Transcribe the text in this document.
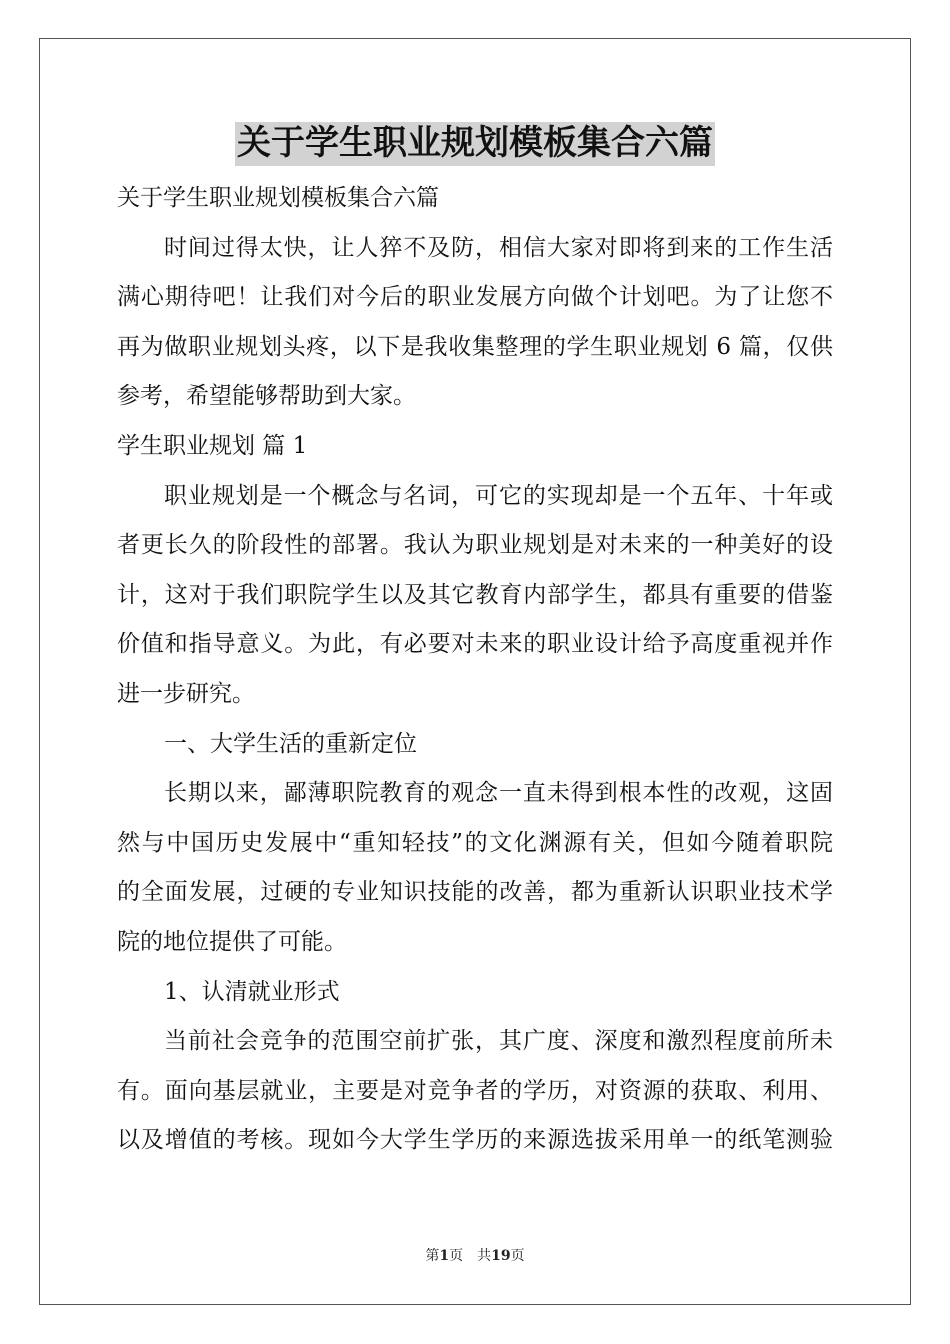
关于学生职业规划模板集合六篇

关于学生职业规划模板集合六篇

时间过得太快，让人猝不及防，相信大家对即将到来的工作生活

满心期待吧！让我们对今后的职业发展方向做个计划吧。为了让您不

再为做职业规划头疼，以下是我收集整理的学生职业规划 6 篇，仅供

参考，希望能够帮助到大家。

学生职业规划 篇 1

职业规划是一个概念与名词，可它的实现却是一个五年、十年或

者更长久的阶段性的部署。我认为职业规划是对未来的一种美好的设

计，这对于我们职院学生以及其它教育内部学生，都具有重要的借鉴

价值和指导意义。为此，有必要对未来的职业设计给予高度重视并作

进一步研究。

一、大学生活的重新定位

长期以来，鄙薄职院教育的观念一直未得到根本性的改观，这固

然与中国历史发展中“重知轻技”的文化渊源有关，但如今随着职院

的全面发展，过硬的专业知识技能的改善，都为重新认识职业技术学

院的地位提供了可能。

1、认清就业形式

当前社会竞争的范围空前扩张，其广度、深度和激烈程度前所未

有。面向基层就业，主要是对竞争者的学历，对资源的获取、利用、

以及增值的考核。现如今大学生学历的来源选拔采用单一的纸笔测验

第1页 共19页
